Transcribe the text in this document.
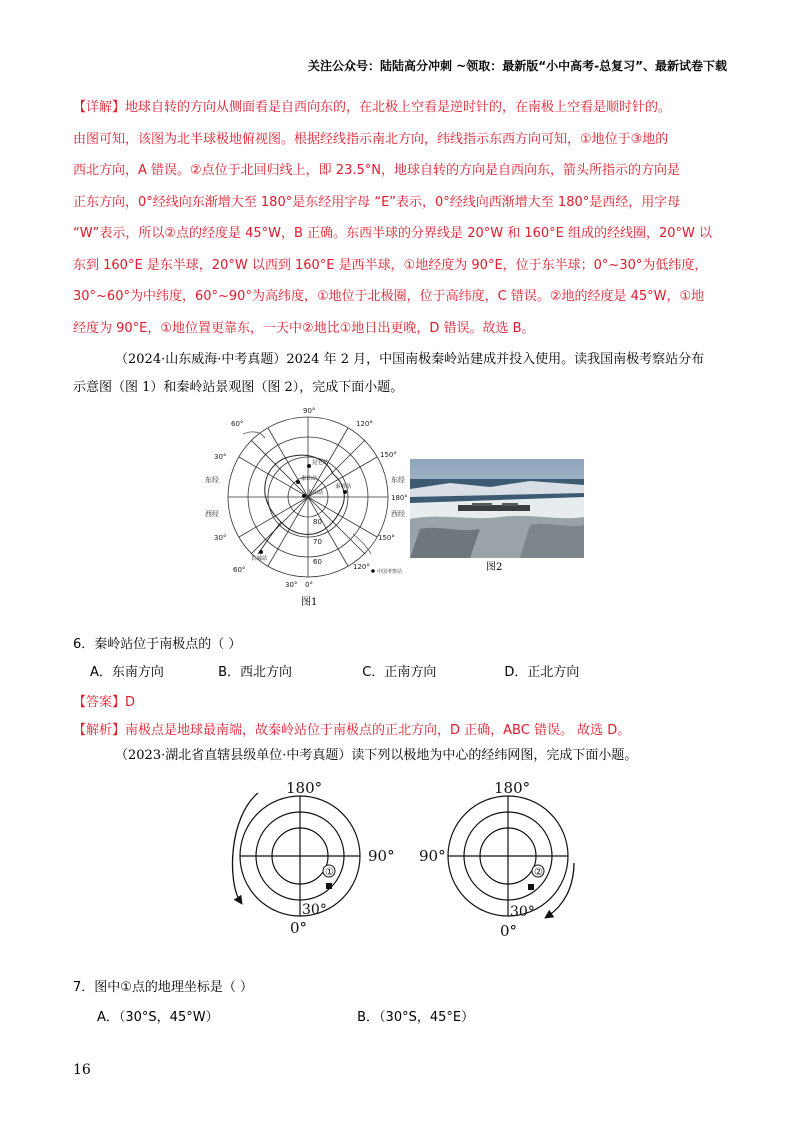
关注公众号：陆陆高分冲刺 ~领取：最新版“小中高考-总复习”、最新试卷下载
【详解】地球自转的方向从侧面看是自西向东的，在北极上空看是逆时针的，在南极上空看是顺时针的。
由图可知，该图为北半球极地俯视图。根据经线指示南北方向，纬线指示东西方向可知，①地位于③地的
西北方向，A 错误。②点位于北回归线上，即 23.5°N，地球自转的方向是自西向东，箭头所指示的方向是
正东方向，0°经线向东渐增大至 180°是东经用字母 “E”表示，0°经线向西渐增大至 180°是西经，用字母
“W”表示，所以②点的经度是 45°W，B 正确。东西半球的分界线是 20°W 和 160°E 组成的经线圈，20°W 以
东到 160°E 是东半球，20°W 以西到 160°E 是西半球，①地经度为 90°E，位于东半球；0°~30°为低纬度，
30°~60°为中纬度，60°~90°为高纬度，①地位于北极圈，位于高纬度，C 错误。②地的经度是 45°W，①地
经度为 90°E，①地位置更靠东，一天中②地比①地日出更晚，D 错误。故选 B。
（2024·山东威海·中考真题）2024 年 2 月，中国南极秦岭站建成并投入使用。读我国南极考察站分布
示意图（图 1）和秦岭站景观图（图 2），完成下面小题。
90°
60°
30°
120°
150°
180°
150°
120°
30°
60°
30° 0°
80
70
60
东经
西经
东经
西经
昆仑站
泰山站
中山站
秦岭站
长城站
中国考察站
图1
图2
6．秦岭站位于南极点的（ ）
A．东南方向	B．西北方向	C．正南方向	D．正北方向
【答案】D
【解析】南极点是地球最南端，故秦岭站位于南极点的正北方向，D 正确，ABC 错误。 故选 D。
（2023·湖北省直辖县级单位·中考真题）读下列以极地为中心的经纬网图，完成下面小题。
180°
90°
0°
30°
①
180°
90°
0°
30°
②
7．图中①点的地理坐标是（ ）
A．（30°S，45°W）	B．（30°S，45°E）
16
